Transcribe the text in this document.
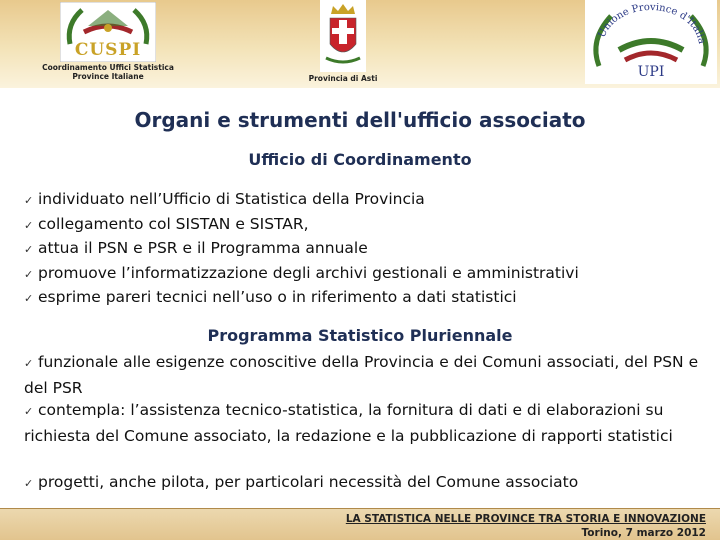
CUSPI
Coordinamento Uffici Statistica
Province Italiane	Provincia di Asti
Unione Province d'Italia
UPI
Organi e strumenti dell'ufficio associato
Ufficio di Coordinamento
✓ individuato nell’Ufficio di Statistica della Provincia
✓ collegamento col SISTAN e SISTAR,
✓ attua il PSN e PSR e il Programma annuale
✓ promuove l’informatizzazione degli archivi gestionali e amministrativi
✓ esprime pareri tecnici nell’uso o in riferimento a dati statistici
Programma Statistico Pluriennale

✓ funzionale alle esigenze conoscitive della Provincia e dei Comuni associati, del PSN e del PSR

✓ contempla: l’assistenza tecnico-statistica, la fornitura di dati e di elaborazioni su richiesta del Comune associato, la redazione e la pubblicazione di rapporti statistici

✓ progetti, anche pilota, per particolari necessità del Comune associato

LA STATISTICA NELLE PROVINCE TRA STORIA E INNOVAZIONE
Torino, 7 marzo 2012
